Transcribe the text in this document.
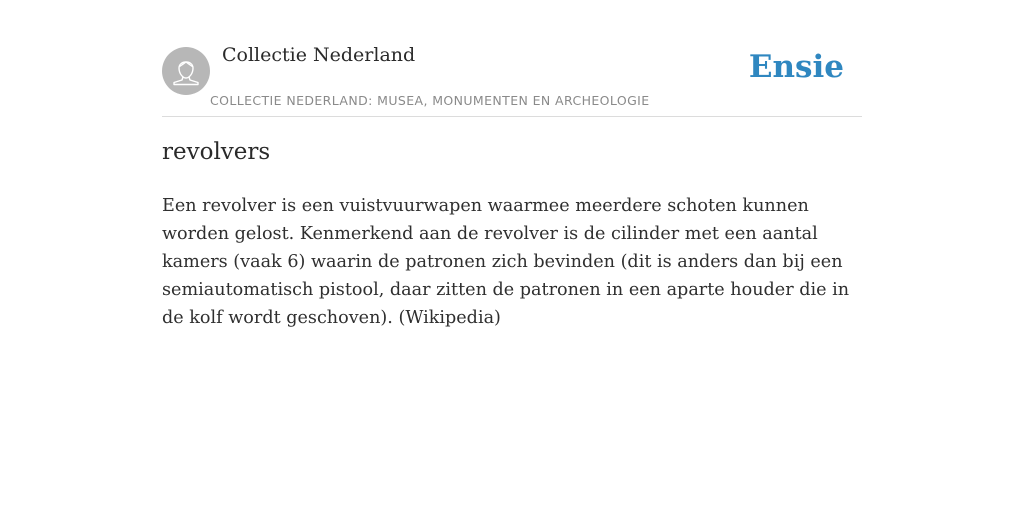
Collectie Nederland
COLLECTIE NEDERLAND: MUSEA, MONUMENTEN EN ARCHEOLOGIE
Ensie
revolvers

Een revolver is een vuistvuurwapen waarmee meerdere schoten kunnen worden gelost. Kenmerkend aan de revolver is de cilinder met een aantal kamers (vaak 6) waarin de patronen zich bevinden (dit is anders dan bij een semiautomatisch pistool, daar zitten de patronen in een aparte houder die in de kolf wordt geschoven). (Wikipedia)
